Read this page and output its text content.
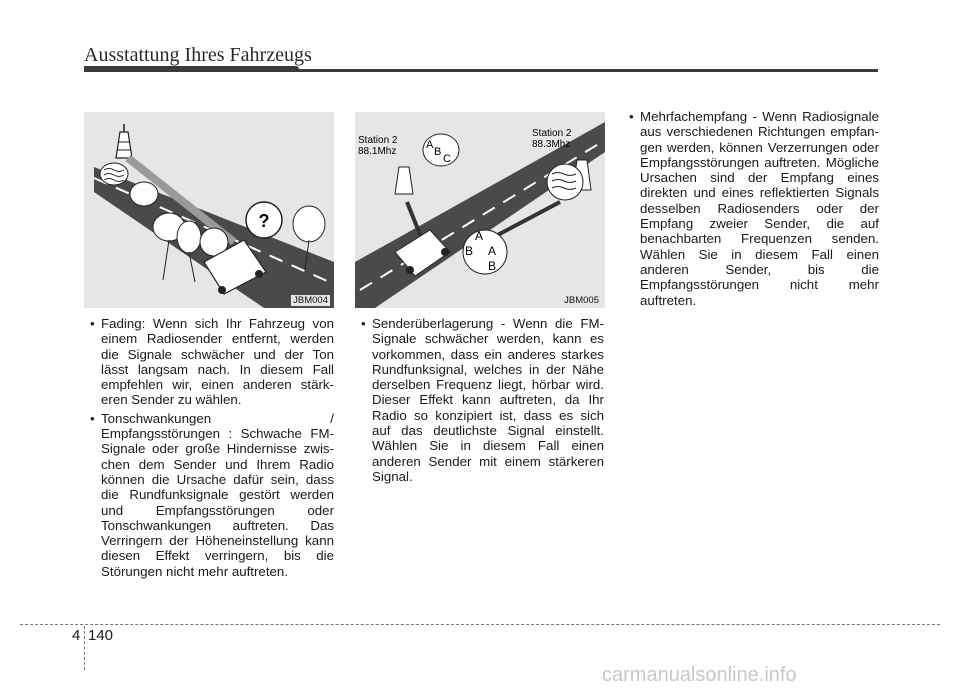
Ausstattung Ihres Fahrzeugs
?
JBM004
Station 2
88.1Mhz
Station 2
88.3Mhz
A
B
C
A
B A
B
JBM005
• Fading: Wenn sich Ihr Fahrzeug von einem Radiosender entfernt, werden die Signale schwächer und der Ton lässt langsam nach. In diesem Fall empfehlen wir, einen anderen stärk-eren Sender zu wählen.
• Tonschwankungen / Empfangsstörungen : Schwache FM-Signale oder große Hindernisse zwis-chen dem Sender und Ihrem Radio können die Ursache dafür sein, dass die Rundfunksignale gestört werden und Empfangsstörungen oder Tonschwankungen auftreten. Das Verringern der Höheneinstellung kann diesen Effekt verringern, bis die Störungen nicht mehr auftreten.
• Senderüberlagerung - Wenn die FM-Signale schwächer werden, kann es vorkommen, dass ein anderes starkes Rundfunksignal, welches in der Nähe derselben Frequenz liegt, hörbar wird. Dieser Effekt kann auftreten, da Ihr Radio so konzipiert ist, dass es sich auf das deutlichste Signal einstellt. Wählen Sie in diesem Fall einen anderen Sender mit einem stärkeren Signal.
• Mehrfachempfang - Wenn Radiosignale aus verschiedenen Richtungen empfan-gen werden, können Verzerrungen oder Empfangsstörungen auftreten. Mögliche Ursachen sind der Empfang eines direkten und eines reflektierten Signals desselben Radiosenders oder der Empfang zweier Sender, die auf benachbarten Frequenzen senden. Wählen Sie in diesem Fall einen anderen Sender, bis die Empfangsstörungen nicht mehr auftreten.
4 140
carmanualsonline.info
